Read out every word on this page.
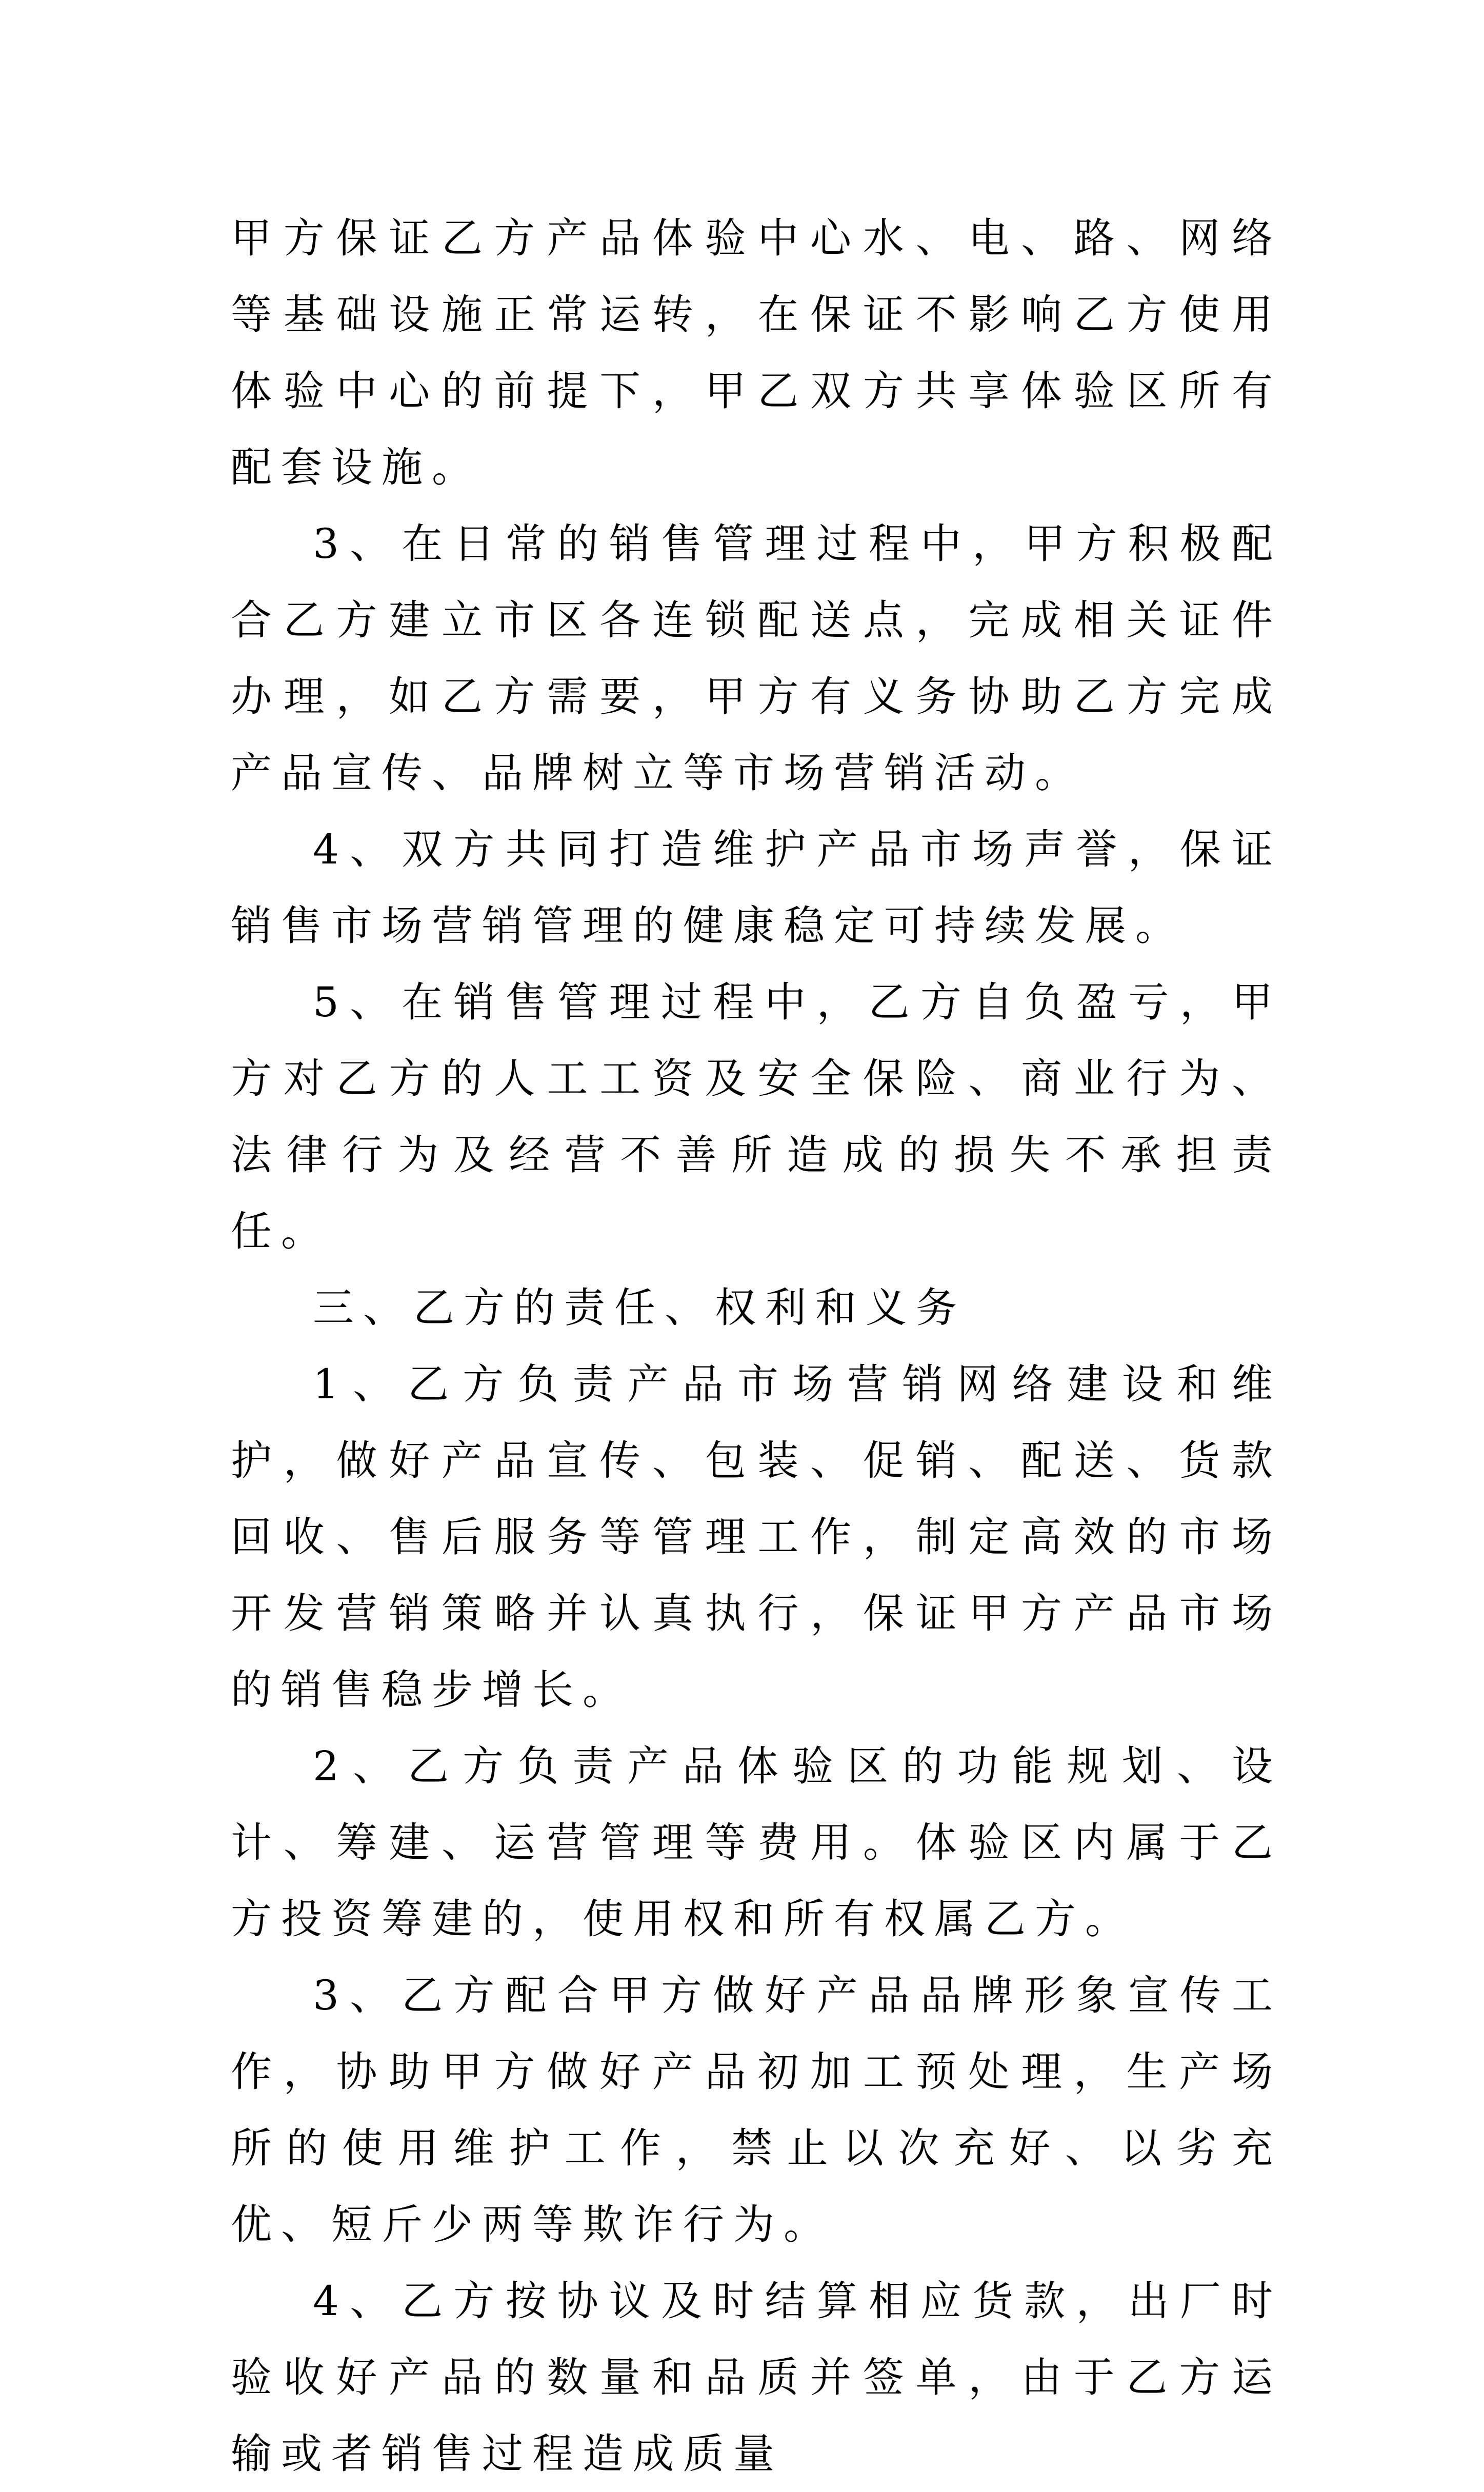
甲方保证乙方产品体验中心水、电、路、网络等基础设施正常运转，在保证不影响乙方使用体验中心的前提下，甲乙双方共享体验区所有配套设施。

3、在日常的销售管理过程中，甲方积极配合乙方建立市区各连锁配送点，完成相关证件办理，如乙方需要，甲方有义务协助乙方完成产品宣传、品牌树立等市场营销活动。

4、双方共同打造维护产品市场声誉，保证销售市场营销管理的健康稳定可持续发展。

5、在销售管理过程中，乙方自负盈亏，甲方对乙方的人工工资及安全保险、商业行为、法律行为及经营不善所造成的损失不承担责任。

三、乙方的责任、权利和义务

1、乙方负责产品市场营销网络建设和维护，做好产品宣传、包装、促销、配送、货款回收、售后服务等管理工作，制定高效的市场开发营销策略并认真执行，保证甲方产品市场的销售稳步增长。

2、乙方负责产品体验区的功能规划、设计、筹建、运营管理等费用。体验区内属于乙方投资筹建的，使用权和所有权属乙方。

3、乙方配合甲方做好产品品牌形象宣传工作，协助甲方做好产品初加工预处理，生产场所的使用维护工作，禁止以次充好、以劣充优、短斤少两等欺诈行为。

4、乙方按协议及时结算相应货款，出厂时验收好产品的数量和品质并签单，由于乙方运输或者销售过程造成质量
